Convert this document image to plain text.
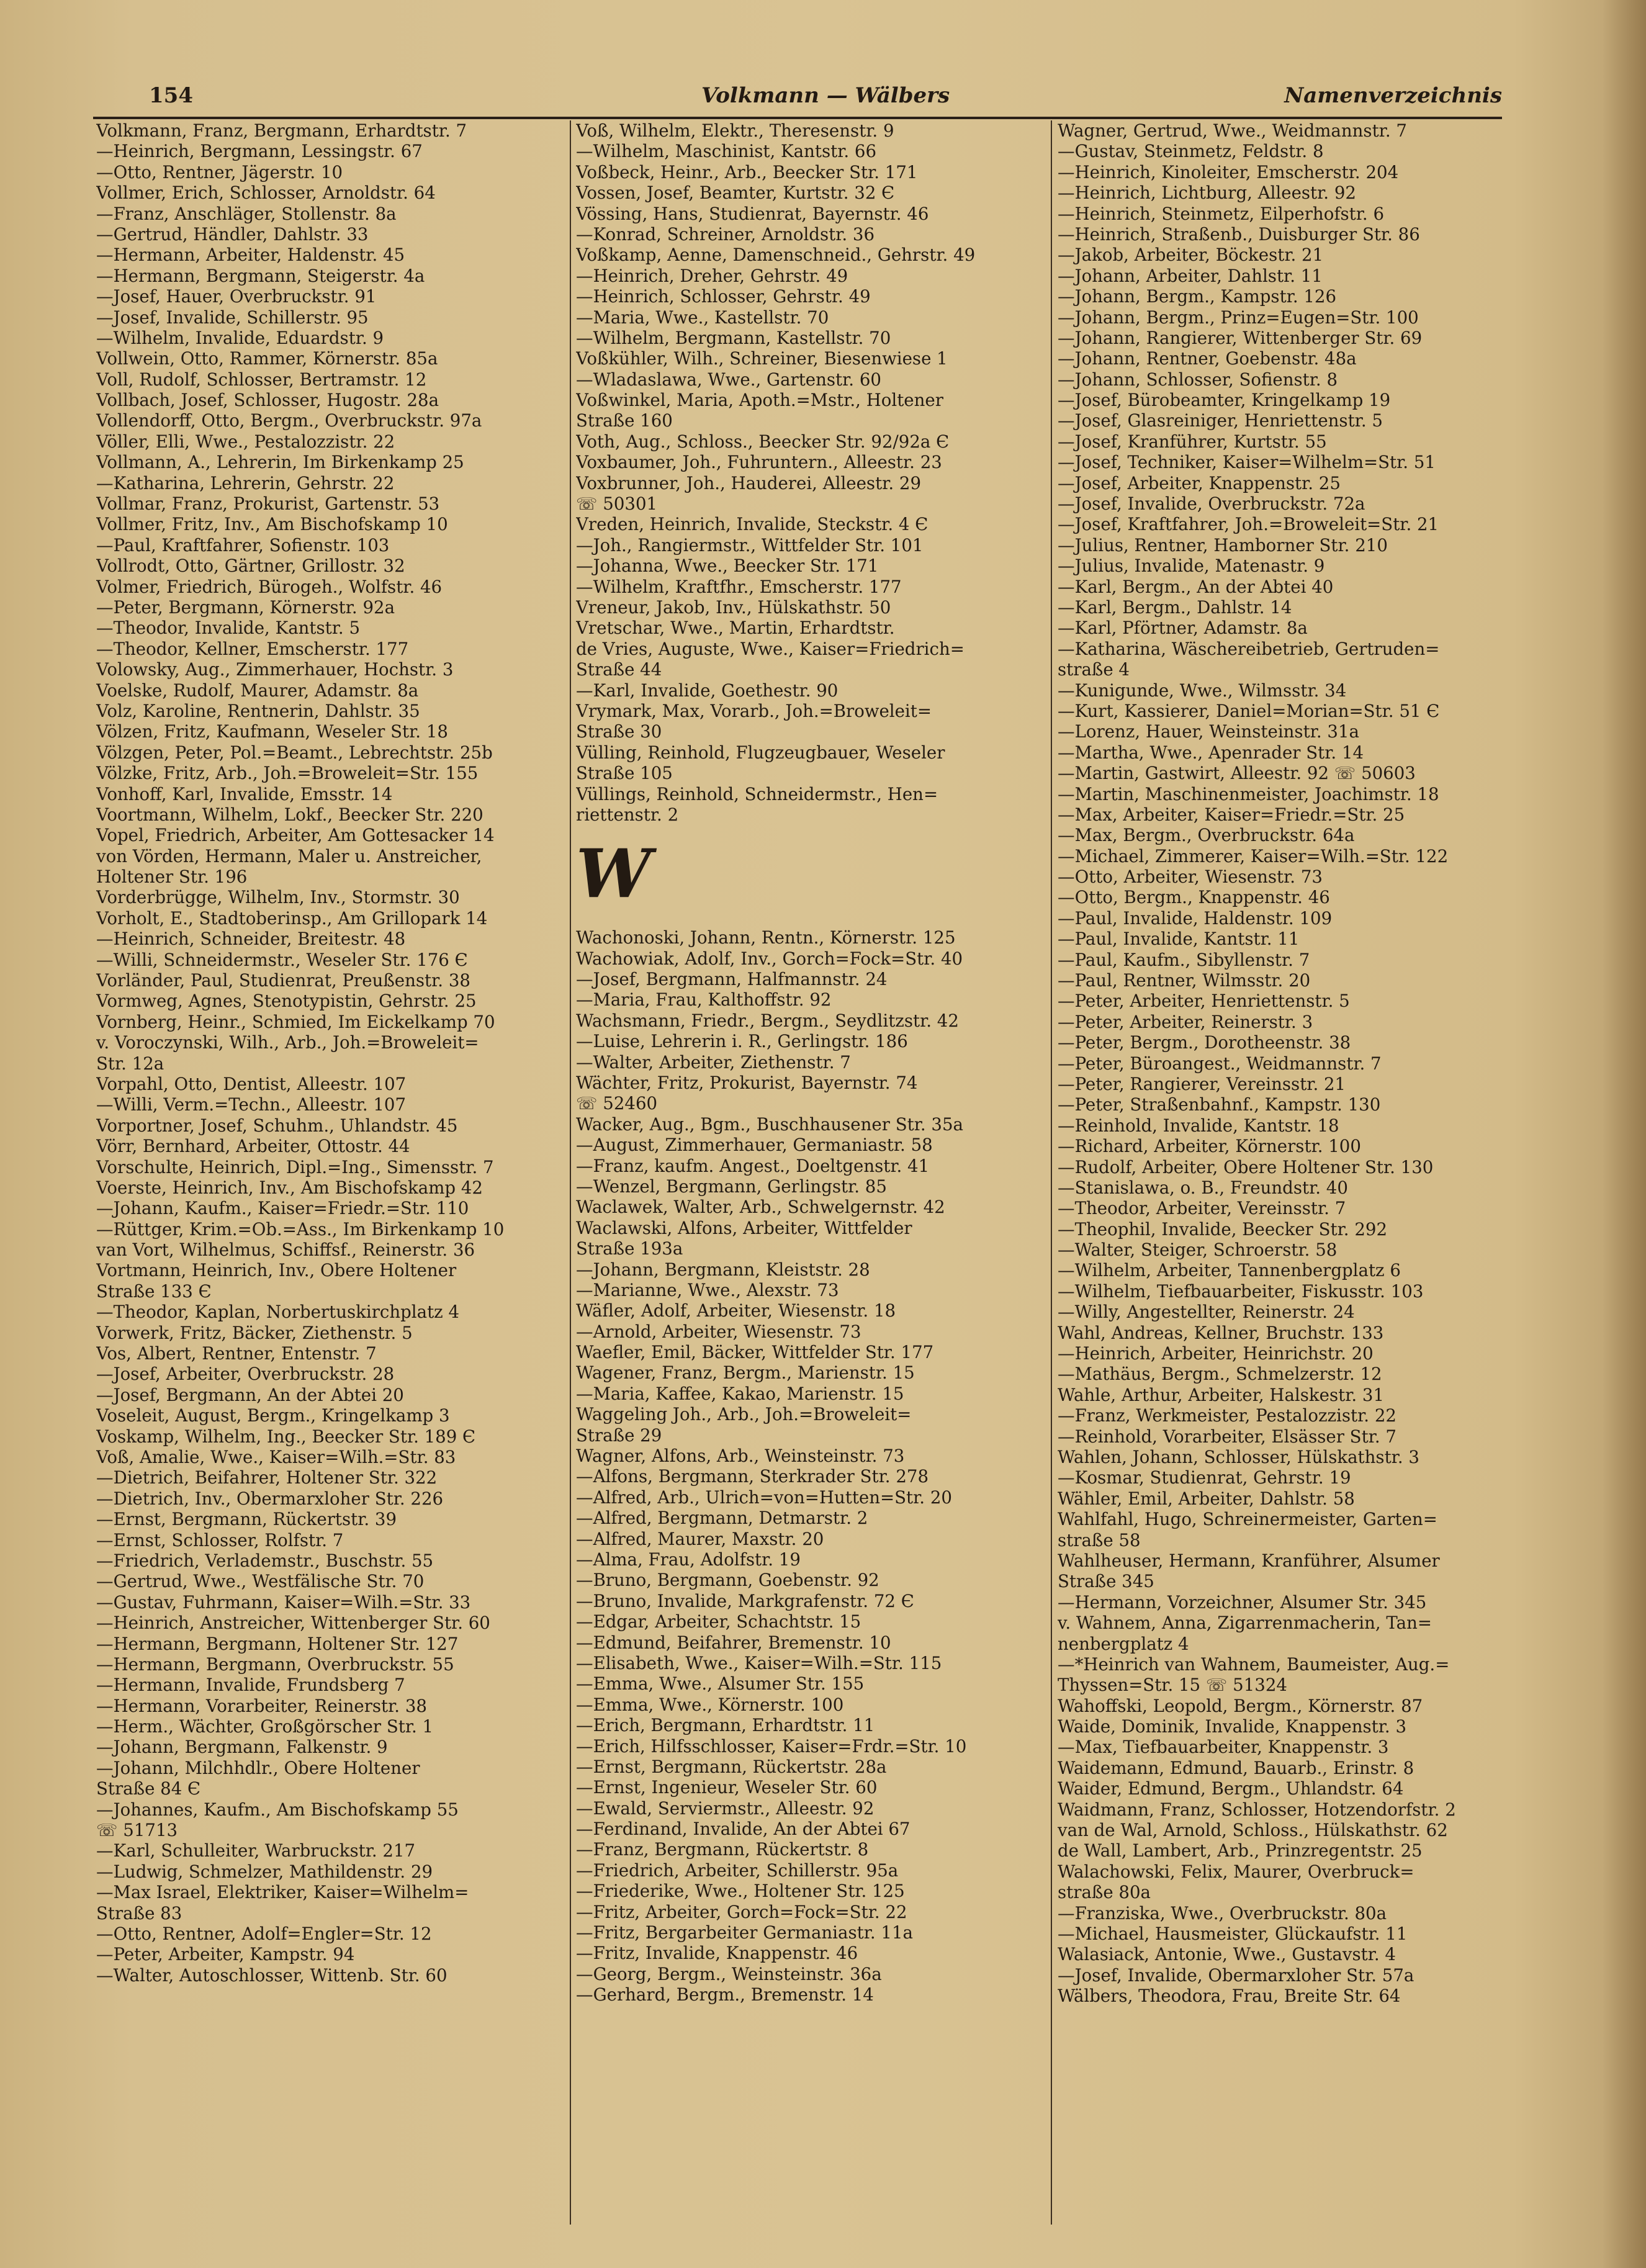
154	Volkmann — Wälbers	Namenverzeichnis
Volkmann, Franz, Bergmann, Erhardtstr. 7
—Heinrich, Bergmann, Lessingstr. 67
—Otto, Rentner, Jägerstr. 10
Vollmer, Erich, Schlosser, Arnoldstr. 64
—Franz, Anschläger, Stollenstr. 8a
—Gertrud, Händler, Dahlstr. 33
—Hermann, Arbeiter, Haldenstr. 45
—Hermann, Bergmann, Steigerstr. 4a
—Josef, Hauer, Overbruckstr. 91
—Josef, Invalide, Schillerstr. 95
—Wilhelm, Invalide, Eduardstr. 9
Vollwein, Otto, Rammer, Körnerstr. 85a
Voll, Rudolf, Schlosser, Bertramstr. 12
Vollbach, Josef, Schlosser, Hugostr. 28a
Vollendorff, Otto, Bergm., Overbruckstr. 97a
Völler, Elli, Wwe., Pestalozzistr. 22
Vollmann, A., Lehrerin, Im Birkenkamp 25
—Katharina, Lehrerin, Gehrstr. 22
Vollmar, Franz, Prokurist, Gartenstr. 53
Vollmer, Fritz, Inv., Am Bischofskamp 10
—Paul, Kraftfahrer, Sofienstr. 103
Vollrodt, Otto, Gärtner, Grillostr. 32
Volmer, Friedrich, Bürogeh., Wolfstr. 46
—Peter, Bergmann, Körnerstr. 92a
—Theodor, Invalide, Kantstr. 5
—Theodor, Kellner, Emscherstr. 177
Volowsky, Aug., Zimmerhauer, Hochstr. 3
Voelske, Rudolf, Maurer, Adamstr. 8a
Volz, Karoline, Rentnerin, Dahlstr. 35
Völzen, Fritz, Kaufmann, Weseler Str. 18
Völzgen, Peter, Pol.=Beamt., Lebrechtstr. 25b
Völzke, Fritz, Arb., Joh.=Broweleit=Str. 155
Vonhoff, Karl, Invalide, Emsstr. 14
Voortmann, Wilhelm, Lokf., Beecker Str. 220
Vopel, Friedrich, Arbeiter, Am Gottesacker 14
von Vörden, Hermann, Maler u. Anstreicher,
Holtener Str. 196
Vorderbrügge, Wilhelm, Inv., Stormstr. 30
Vorholt, E., Stadtoberinsp., Am Grillopark 14
—Heinrich, Schneider, Breitestr. 48
—Willi, Schneidermstr., Weseler Str. 176 Є
Vorländer, Paul, Studienrat, Preußenstr. 38
Vormweg, Agnes, Stenotypistin, Gehrstr. 25
Vornberg, Heinr., Schmied, Im Eickelkamp 70
v. Voroczynski, Wilh., Arb., Joh.=Broweleit=
Str. 12a
Vorpahl, Otto, Dentist, Alleestr. 107
—Willi, Verm.=Techn., Alleestr. 107
Vorportner, Josef, Schuhm., Uhlandstr. 45
Vörr, Bernhard, Arbeiter, Ottostr. 44
Vorschulte, Heinrich, Dipl.=Ing., Simensstr. 7
Voerste, Heinrich, Inv., Am Bischofskamp 42
—Johann, Kaufm., Kaiser=Friedr.=Str. 110
—Rüttger, Krim.=Ob.=Ass., Im Birkenkamp 10
van Vort, Wilhelmus, Schiffsf., Reinerstr. 36
Vortmann, Heinrich, Inv., Obere Holtener
Straße 133 Є
—Theodor, Kaplan, Norbertuskirchplatz 4
Vorwerk, Fritz, Bäcker, Ziethenstr. 5
Vos, Albert, Rentner, Entenstr. 7
—Josef, Arbeiter, Overbruckstr. 28
—Josef, Bergmann, An der Abtei 20
Voseleit, August, Bergm., Kringelkamp 3
Voskamp, Wilhelm, Ing., Beecker Str. 189 Є
Voß, Amalie, Wwe., Kaiser=Wilh.=Str. 83
—Dietrich, Beifahrer, Holtener Str. 322
—Dietrich, Inv., Obermarxloher Str. 226
—Ernst, Bergmann, Rückertstr. 39
—Ernst, Schlosser, Rolfstr. 7
—Friedrich, Verlademstr., Buschstr. 55
—Gertrud, Wwe., Westfälische Str. 70
—Gustav, Fuhrmann, Kaiser=Wilh.=Str. 33
—Heinrich, Anstreicher, Wittenberger Str. 60
—Hermann, Bergmann, Holtener Str. 127
—Hermann, Bergmann, Overbruckstr. 55
—Hermann, Invalide, Frundsberg 7
—Hermann, Vorarbeiter, Reinerstr. 38
—Herm., Wächter, Großgörscher Str. 1
—Johann, Bergmann, Falkenstr. 9
—Johann, Milchhdlr., Obere Holtener
Straße 84 Є
—Johannes, Kaufm., Am Bischofskamp 55
☏ 51713
—Karl, Schulleiter, Warbruckstr. 217
—Ludwig, Schmelzer, Mathildenstr. 29
—Max Israel, Elektriker, Kaiser=Wilhelm=
Straße 83
—Otto, Rentner, Adolf=Engler=Str. 12
—Peter, Arbeiter, Kampstr. 94
—Walter, Autoschlosser, Wittenb. Str. 60
Voß, Wilhelm, Elektr., Theresenstr. 9
—Wilhelm, Maschinist, Kantstr. 66
Voßbeck, Heinr., Arb., Beecker Str. 171
Vossen, Josef, Beamter, Kurtstr. 32 Є
Vössing, Hans, Studienrat, Bayernstr. 46
—Konrad, Schreiner, Arnoldstr. 36
Voßkamp, Aenne, Damenschneid., Gehrstr. 49
—Heinrich, Dreher, Gehrstr. 49
—Heinrich, Schlosser, Gehrstr. 49
—Maria, Wwe., Kastellstr. 70
—Wilhelm, Bergmann, Kastellstr. 70
Voßkühler, Wilh., Schreiner, Biesenwiese 1
—Wladaslawa, Wwe., Gartenstr. 60
Voßwinkel, Maria, Apoth.=Mstr., Holtener
Straße 160
Voth, Aug., Schloss., Beecker Str. 92/92a Є
Voxbaumer, Joh., Fuhruntern., Alleestr. 23
Voxbrunner, Joh., Hauderei, Alleestr. 29
☏ 50301
Vreden, Heinrich, Invalide, Steckstr. 4 Є
—Joh., Rangiermstr., Wittfelder Str. 101
—Johanna, Wwe., Beecker Str. 171
—Wilhelm, Kraftfhr., Emscherstr. 177
Vreneur, Jakob, Inv., Hülskathstr. 50
Vretschar, Wwe., Martin, Erhardtstr.
de Vries, Auguste, Wwe., Kaiser=Friedrich=
Straße 44
—Karl, Invalide, Goethestr. 90
Vrymark, Max, Vorarb., Joh.=Broweleit=
Straße 30
Vülling, Reinhold, Flugzeugbauer, Weseler
Straße 105
Vüllings, Reinhold, Schneidermstr., Hen=
riettenstr. 2
W
Wachonoski, Johann, Rentn., Körnerstr. 125
Wachowiak, Adolf, Inv., Gorch=Fock=Str. 40
—Josef, Bergmann, Halfmannstr. 24
—Maria, Frau, Kalthoffstr. 92
Wachsmann, Friedr., Bergm., Seydlitzstr. 42
—Luise, Lehrerin i. R., Gerlingstr. 186
—Walter, Arbeiter, Ziethenstr. 7
Wächter, Fritz, Prokurist, Bayernstr. 74
☏ 52460
Wacker, Aug., Bgm., Buschhausener Str. 35a
—August, Zimmerhauer, Germaniastr. 58
—Franz, kaufm. Angest., Doeltgenstr. 41
—Wenzel, Bergmann, Gerlingstr. 85
Waclawek, Walter, Arb., Schwelgernstr. 42
Waclawski, Alfons, Arbeiter, Wittfelder
Straße 193a
—Johann, Bergmann, Kleiststr. 28
—Marianne, Wwe., Alexstr. 73
Wäfler, Adolf, Arbeiter, Wiesenstr. 18
—Arnold, Arbeiter, Wiesenstr. 73
Waefler, Emil, Bäcker, Wittfelder Str. 177
Wagener, Franz, Bergm., Marienstr. 15
—Maria, Kaffee, Kakao, Marienstr. 15
Waggeling Joh., Arb., Joh.=Broweleit=
Straße 29
Wagner, Alfons, Arb., Weinsteinstr. 73
—Alfons, Bergmann, Sterkrader Str. 278
—Alfred, Arb., Ulrich=von=Hutten=Str. 20
—Alfred, Bergmann, Detmarstr. 2
—Alfred, Maurer, Maxstr. 20
—Alma, Frau, Adolfstr. 19
—Bruno, Bergmann, Goebenstr. 92
—Bruno, Invalide, Markgrafenstr. 72 Є
—Edgar, Arbeiter, Schachtstr. 15
—Edmund, Beifahrer, Bremenstr. 10
—Elisabeth, Wwe., Kaiser=Wilh.=Str. 115
—Emma, Wwe., Alsumer Str. 155
—Emma, Wwe., Körnerstr. 100
—Erich, Bergmann, Erhardtstr. 11
—Erich, Hilfsschlosser, Kaiser=Frdr.=Str. 10
—Ernst, Bergmann, Rückertstr. 28a
—Ernst, Ingenieur, Weseler Str. 60
—Ewald, Serviermstr., Alleestr. 92
—Ferdinand, Invalide, An der Abtei 67
—Franz, Bergmann, Rückertstr. 8
—Friedrich, Arbeiter, Schillerstr. 95a
—Friederike, Wwe., Holtener Str. 125
—Fritz, Arbeiter, Gorch=Fock=Str. 22
—Fritz, Bergarbeiter Germaniastr. 11a
—Fritz, Invalide, Knappenstr. 46
—Georg, Bergm., Weinsteinstr. 36a
—Gerhard, Bergm., Bremenstr. 14
Wagner, Gertrud, Wwe., Weidmannstr. 7
—Gustav, Steinmetz, Feldstr. 8
—Heinrich, Kinoleiter, Emscherstr. 204
—Heinrich, Lichtburg, Alleestr. 92
—Heinrich, Steinmetz, Eilperhofstr. 6
—Heinrich, Straßenb., Duisburger Str. 86
—Jakob, Arbeiter, Böckestr. 21
—Johann, Arbeiter, Dahlstr. 11
—Johann, Bergm., Kampstr. 126
—Johann, Bergm., Prinz=Eugen=Str. 100
—Johann, Rangierer, Wittenberger Str. 69
—Johann, Rentner, Goebenstr. 48a
—Johann, Schlosser, Sofienstr. 8
—Josef, Bürobeamter, Kringelkamp 19
—Josef, Glasreiniger, Henriettenstr. 5
—Josef, Kranführer, Kurtstr. 55
—Josef, Techniker, Kaiser=Wilhelm=Str. 51
—Josef, Arbeiter, Knappenstr. 25
—Josef, Invalide, Overbruckstr. 72a
—Josef, Kraftfahrer, Joh.=Broweleit=Str. 21
—Julius, Rentner, Hamborner Str. 210
—Julius, Invalide, Matenastr. 9
—Karl, Bergm., An der Abtei 40
—Karl, Bergm., Dahlstr. 14
—Karl, Pförtner, Adamstr. 8a
—Katharina, Wäschereibetrieb, Gertruden=
straße 4
—Kunigunde, Wwe., Wilmsstr. 34
—Kurt, Kassierer, Daniel=Morian=Str. 51 Є
—Lorenz, Hauer, Weinsteinstr. 31a
—Martha, Wwe., Apenrader Str. 14
—Martin, Gastwirt, Alleestr. 92 ☏ 50603
—Martin, Maschinenmeister, Joachimstr. 18
—Max, Arbeiter, Kaiser=Friedr.=Str. 25
—Max, Bergm., Overbruckstr. 64a
—Michael, Zimmerer, Kaiser=Wilh.=Str. 122
—Otto, Arbeiter, Wiesenstr. 73
—Otto, Bergm., Knappenstr. 46
—Paul, Invalide, Haldenstr. 109
—Paul, Invalide, Kantstr. 11
—Paul, Kaufm., Sibyllenstr. 7
—Paul, Rentner, Wilmsstr. 20
—Peter, Arbeiter, Henriettenstr. 5
—Peter, Arbeiter, Reinerstr. 3
—Peter, Bergm., Dorotheenstr. 38
—Peter, Büroangest., Weidmannstr. 7
—Peter, Rangierer, Vereinsstr. 21
—Peter, Straßenbahnf., Kampstr. 130
—Reinhold, Invalide, Kantstr. 18
—Richard, Arbeiter, Körnerstr. 100
—Rudolf, Arbeiter, Obere Holtener Str. 130
—Stanislawa, o. B., Freundstr. 40
—Theodor, Arbeiter, Vereinsstr. 7
—Theophil, Invalide, Beecker Str. 292
—Walter, Steiger, Schroerstr. 58
—Wilhelm, Arbeiter, Tannenbergplatz 6
—Wilhelm, Tiefbauarbeiter, Fiskusstr. 103
—Willy, Angestellter, Reinerstr. 24
Wahl, Andreas, Kellner, Bruchstr. 133
—Heinrich, Arbeiter, Heinrichstr. 20
—Mathäus, Bergm., Schmelzerstr. 12
Wahle, Arthur, Arbeiter, Halskestr. 31
—Franz, Werkmeister, Pestalozzistr. 22
—Reinhold, Vorarbeiter, Elsässer Str. 7
Wahlen, Johann, Schlosser, Hülskathstr. 3
—Kosmar, Studienrat, Gehrstr. 19
Wähler, Emil, Arbeiter, Dahlstr. 58
Wahlfahl, Hugo, Schreinermeister, Garten=
straße 58
Wahlheuser, Hermann, Kranführer, Alsumer
Straße 345
—Hermann, Vorzeichner, Alsumer Str. 345
v. Wahnem, Anna, Zigarrenmacherin, Tan=
nenbergplatz 4
—*Heinrich van Wahnem, Baumeister, Aug.=
Thyssen=Str. 15 ☏ 51324
Wahoffski, Leopold, Bergm., Körnerstr. 87
Waide, Dominik, Invalide, Knappenstr. 3
—Max, Tiefbauarbeiter, Knappenstr. 3
Waidemann, Edmund, Bauarb., Erinstr. 8
Waider, Edmund, Bergm., Uhlandstr. 64
Waidmann, Franz, Schlosser, Hotzendorfstr. 2
van de Wal, Arnold, Schloss., Hülskathstr. 62
de Wall, Lambert, Arb., Prinzregentstr. 25
Walachowski, Felix, Maurer, Overbruck=
straße 80a
—Franziska, Wwe., Overbruckstr. 80a
—Michael, Hausmeister, Glückaufstr. 11
Walasiack, Antonie, Wwe., Gustavstr. 4
—Josef, Invalide, Obermarxloher Str. 57a
Wälbers, Theodora, Frau, Breite Str. 64
